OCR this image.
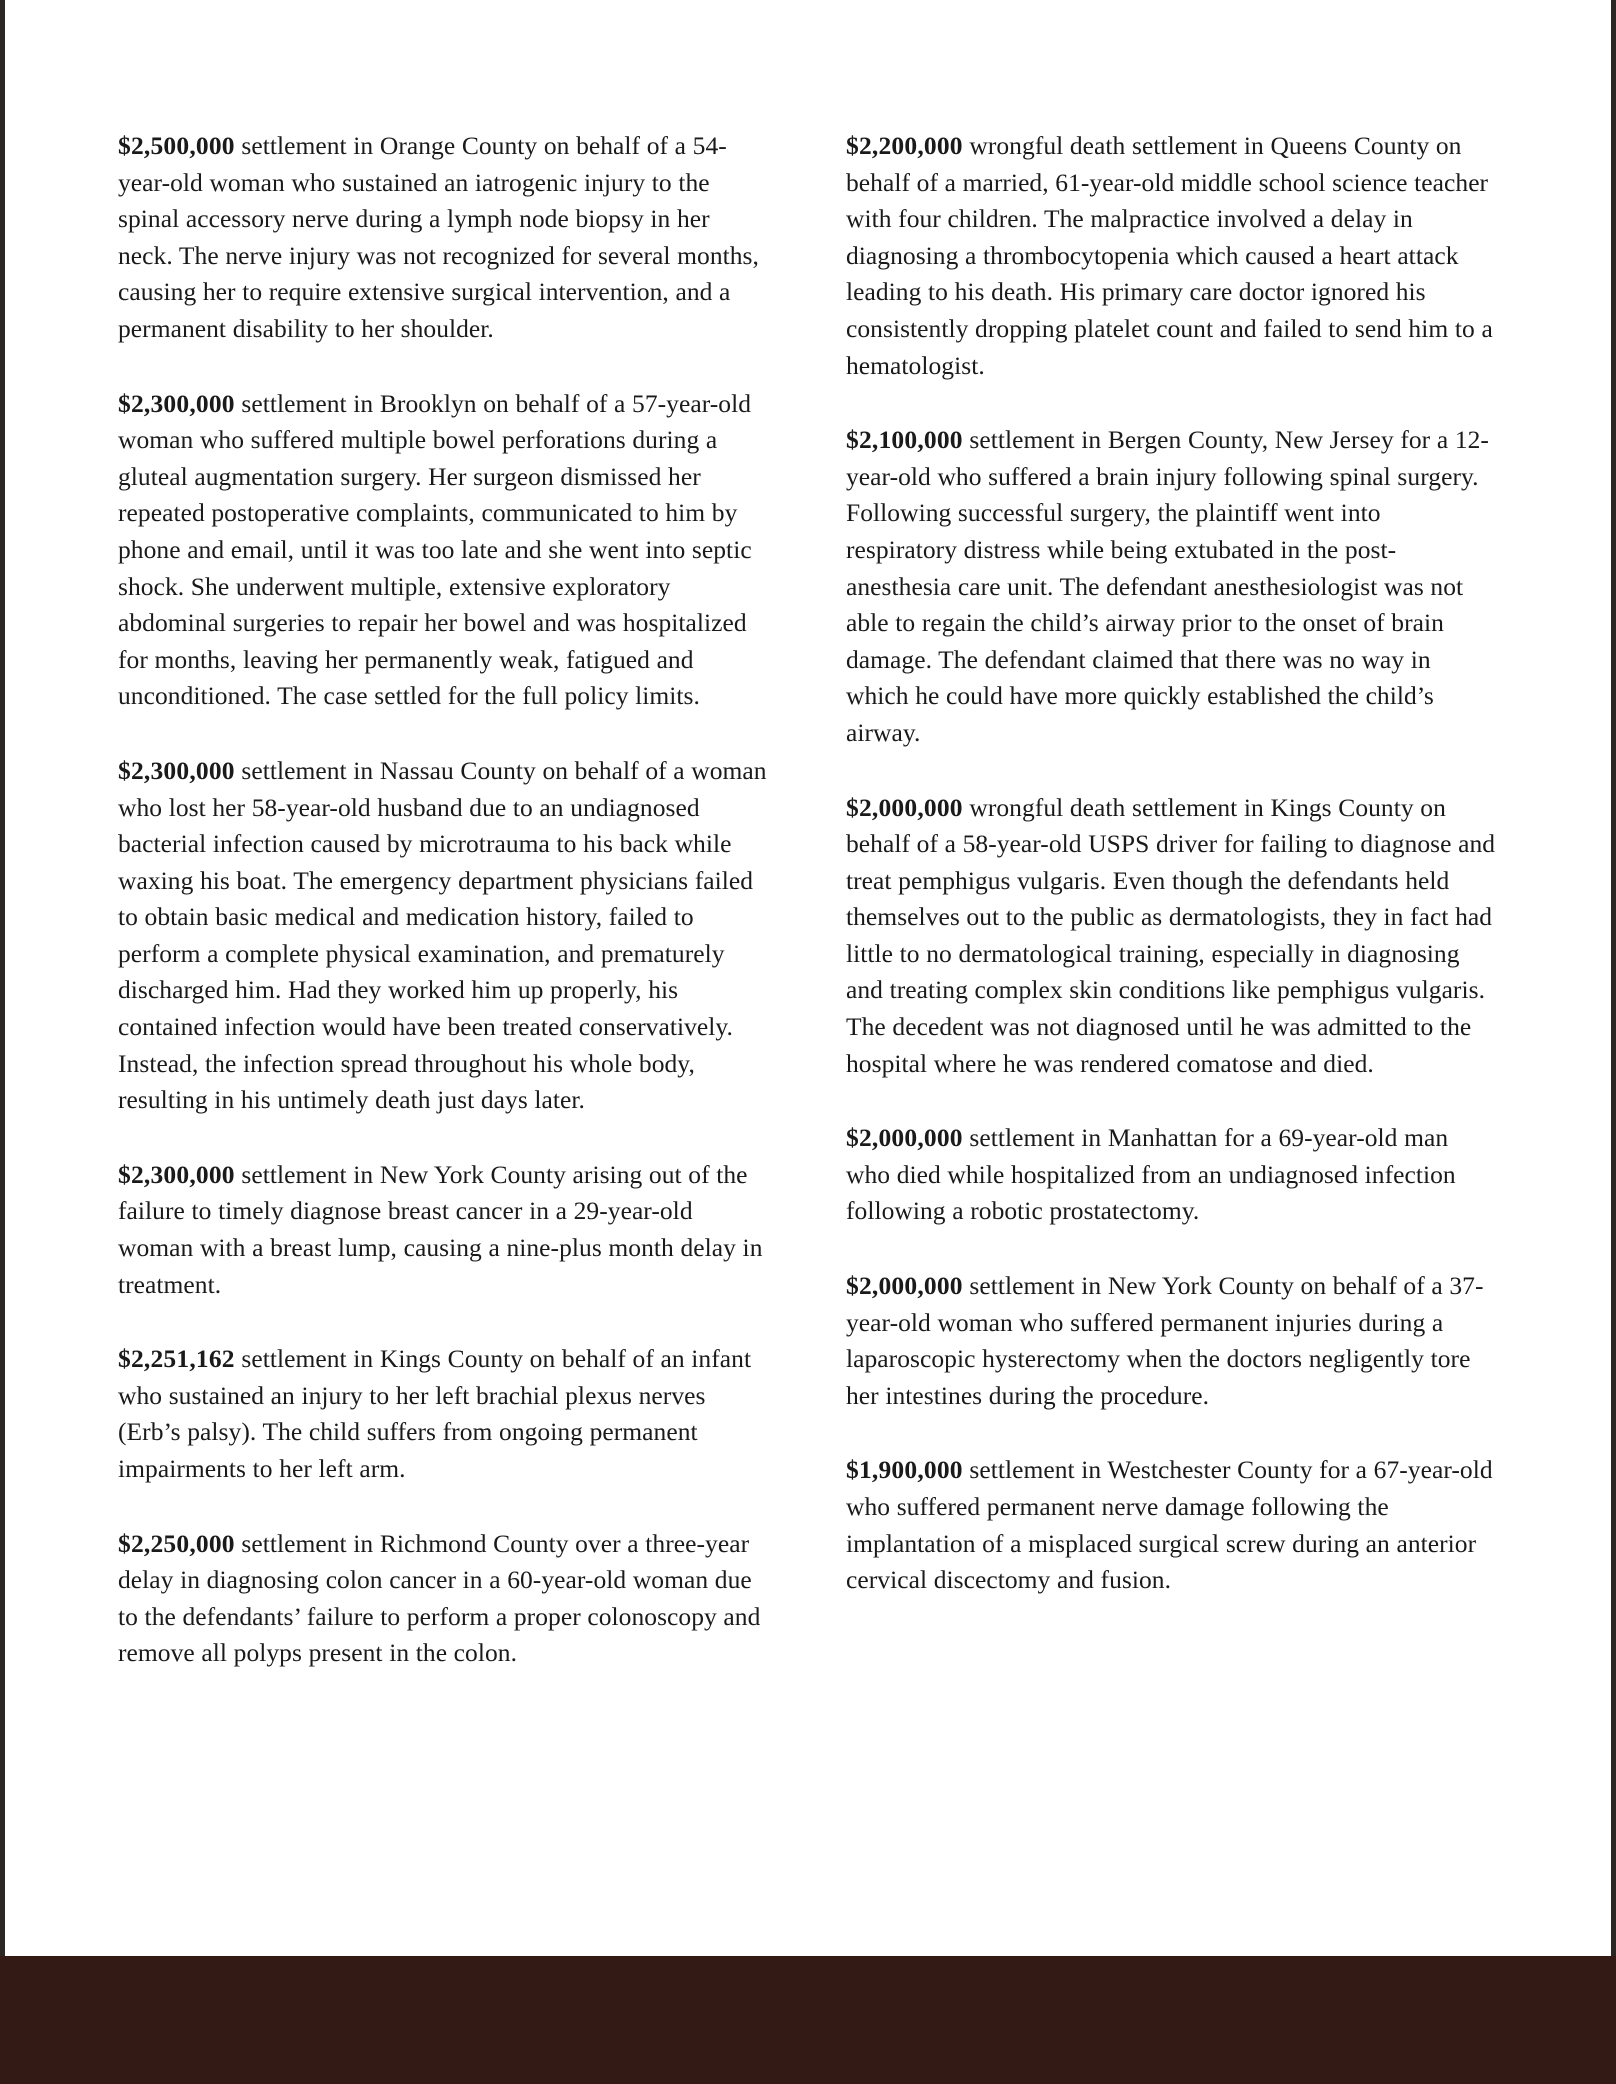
$2,500,000 settlement in Orange County on behalf of a 54-year-old woman who sustained an iatrogenic injury to the spinal accessory nerve during a lymph node biopsy in her neck. The nerve injury was not recognized for several months, causing her to require extensive surgical intervention, and a permanent disability to her shoulder.

$2,300,000 settlement in Brooklyn on behalf of a 57-year-old woman who suffered multiple bowel perforations during a gluteal augmentation surgery. Her surgeon dismissed her repeated postoperative complaints, communicated to him by phone and email, until it was too late and she went into septic shock. She underwent multiple, extensive exploratory abdominal surgeries to repair her bowel and was hospitalized for months, leaving her permanently weak, fatigued and unconditioned. The case settled for the full policy limits.

$2,300,000 settlement in Nassau County on behalf of a woman who lost her 58-year-old husband due to an undiagnosed bacterial infection caused by microtrauma to his back while waxing his boat. The emergency department physicians failed to obtain basic medical and medication history, failed to perform a complete physical examination, and prematurely discharged him. Had they worked him up properly, his contained infection would have been treated conservatively. Instead, the infection spread throughout his whole body, resulting in his untimely death just days later.

$2,300,000 settlement in New York County arising out of the failure to timely diagnose breast cancer in a 29-year-old woman with a breast lump, causing a nine-plus month delay in treatment.

$2,251,162 settlement in Kings County on behalf of an infant who sustained an injury to her left brachial plexus nerves (Erb’s palsy). The child suffers from ongoing permanent impairments to her left arm.

$2,250,000 settlement in Richmond County over a three-year delay in diagnosing colon cancer in a 60-year-old woman due to the defendants’ failure to perform a proper colonoscopy and remove all polyps present in the colon.

$2,200,000 wrongful death settlement in Queens County on behalf of a married, 61-year-old middle school science teacher with four children. The malpractice involved a delay in diagnosing a thrombocytopenia which caused a heart attack leading to his death. His primary care doctor ignored his consistently dropping platelet count and failed to send him to a hematologist.

$2,100,000 settlement in Bergen County, New Jersey for a 12-year-old who suffered a brain injury following spinal surgery. Following successful surgery, the plaintiff went into respiratory distress while being extubated in the post-anesthesia care unit. The defendant anesthesiologist was not able to regain the child’s airway prior to the onset of brain damage. The defendant claimed that there was no way in which he could have more quickly established the child’s airway.

$2,000,000 wrongful death settlement in Kings County on behalf of a 58-year-old USPS driver for failing to diagnose and treat pemphigus vulgaris. Even though the defendants held themselves out to the public as dermatologists, they in fact had little to no dermatological training, especially in diagnosing and treating complex skin conditions like pemphigus vulgaris. The decedent was not diagnosed until he was admitted to the hospital where he was rendered comatose and died.

$2,000,000 settlement in Manhattan for a 69-year-old man who died while hospitalized from an undiagnosed infection following a robotic prostatectomy.

$2,000,000 settlement in New York County on behalf of a 37-year-old woman who suffered permanent injuries during a laparoscopic hysterectomy when the doctors negligently tore her intestines during the procedure.

$1,900,000 settlement in Westchester County for a 67-year-old who suffered permanent nerve damage following the implantation of a misplaced surgical screw during an anterior cervical discectomy and fusion.
